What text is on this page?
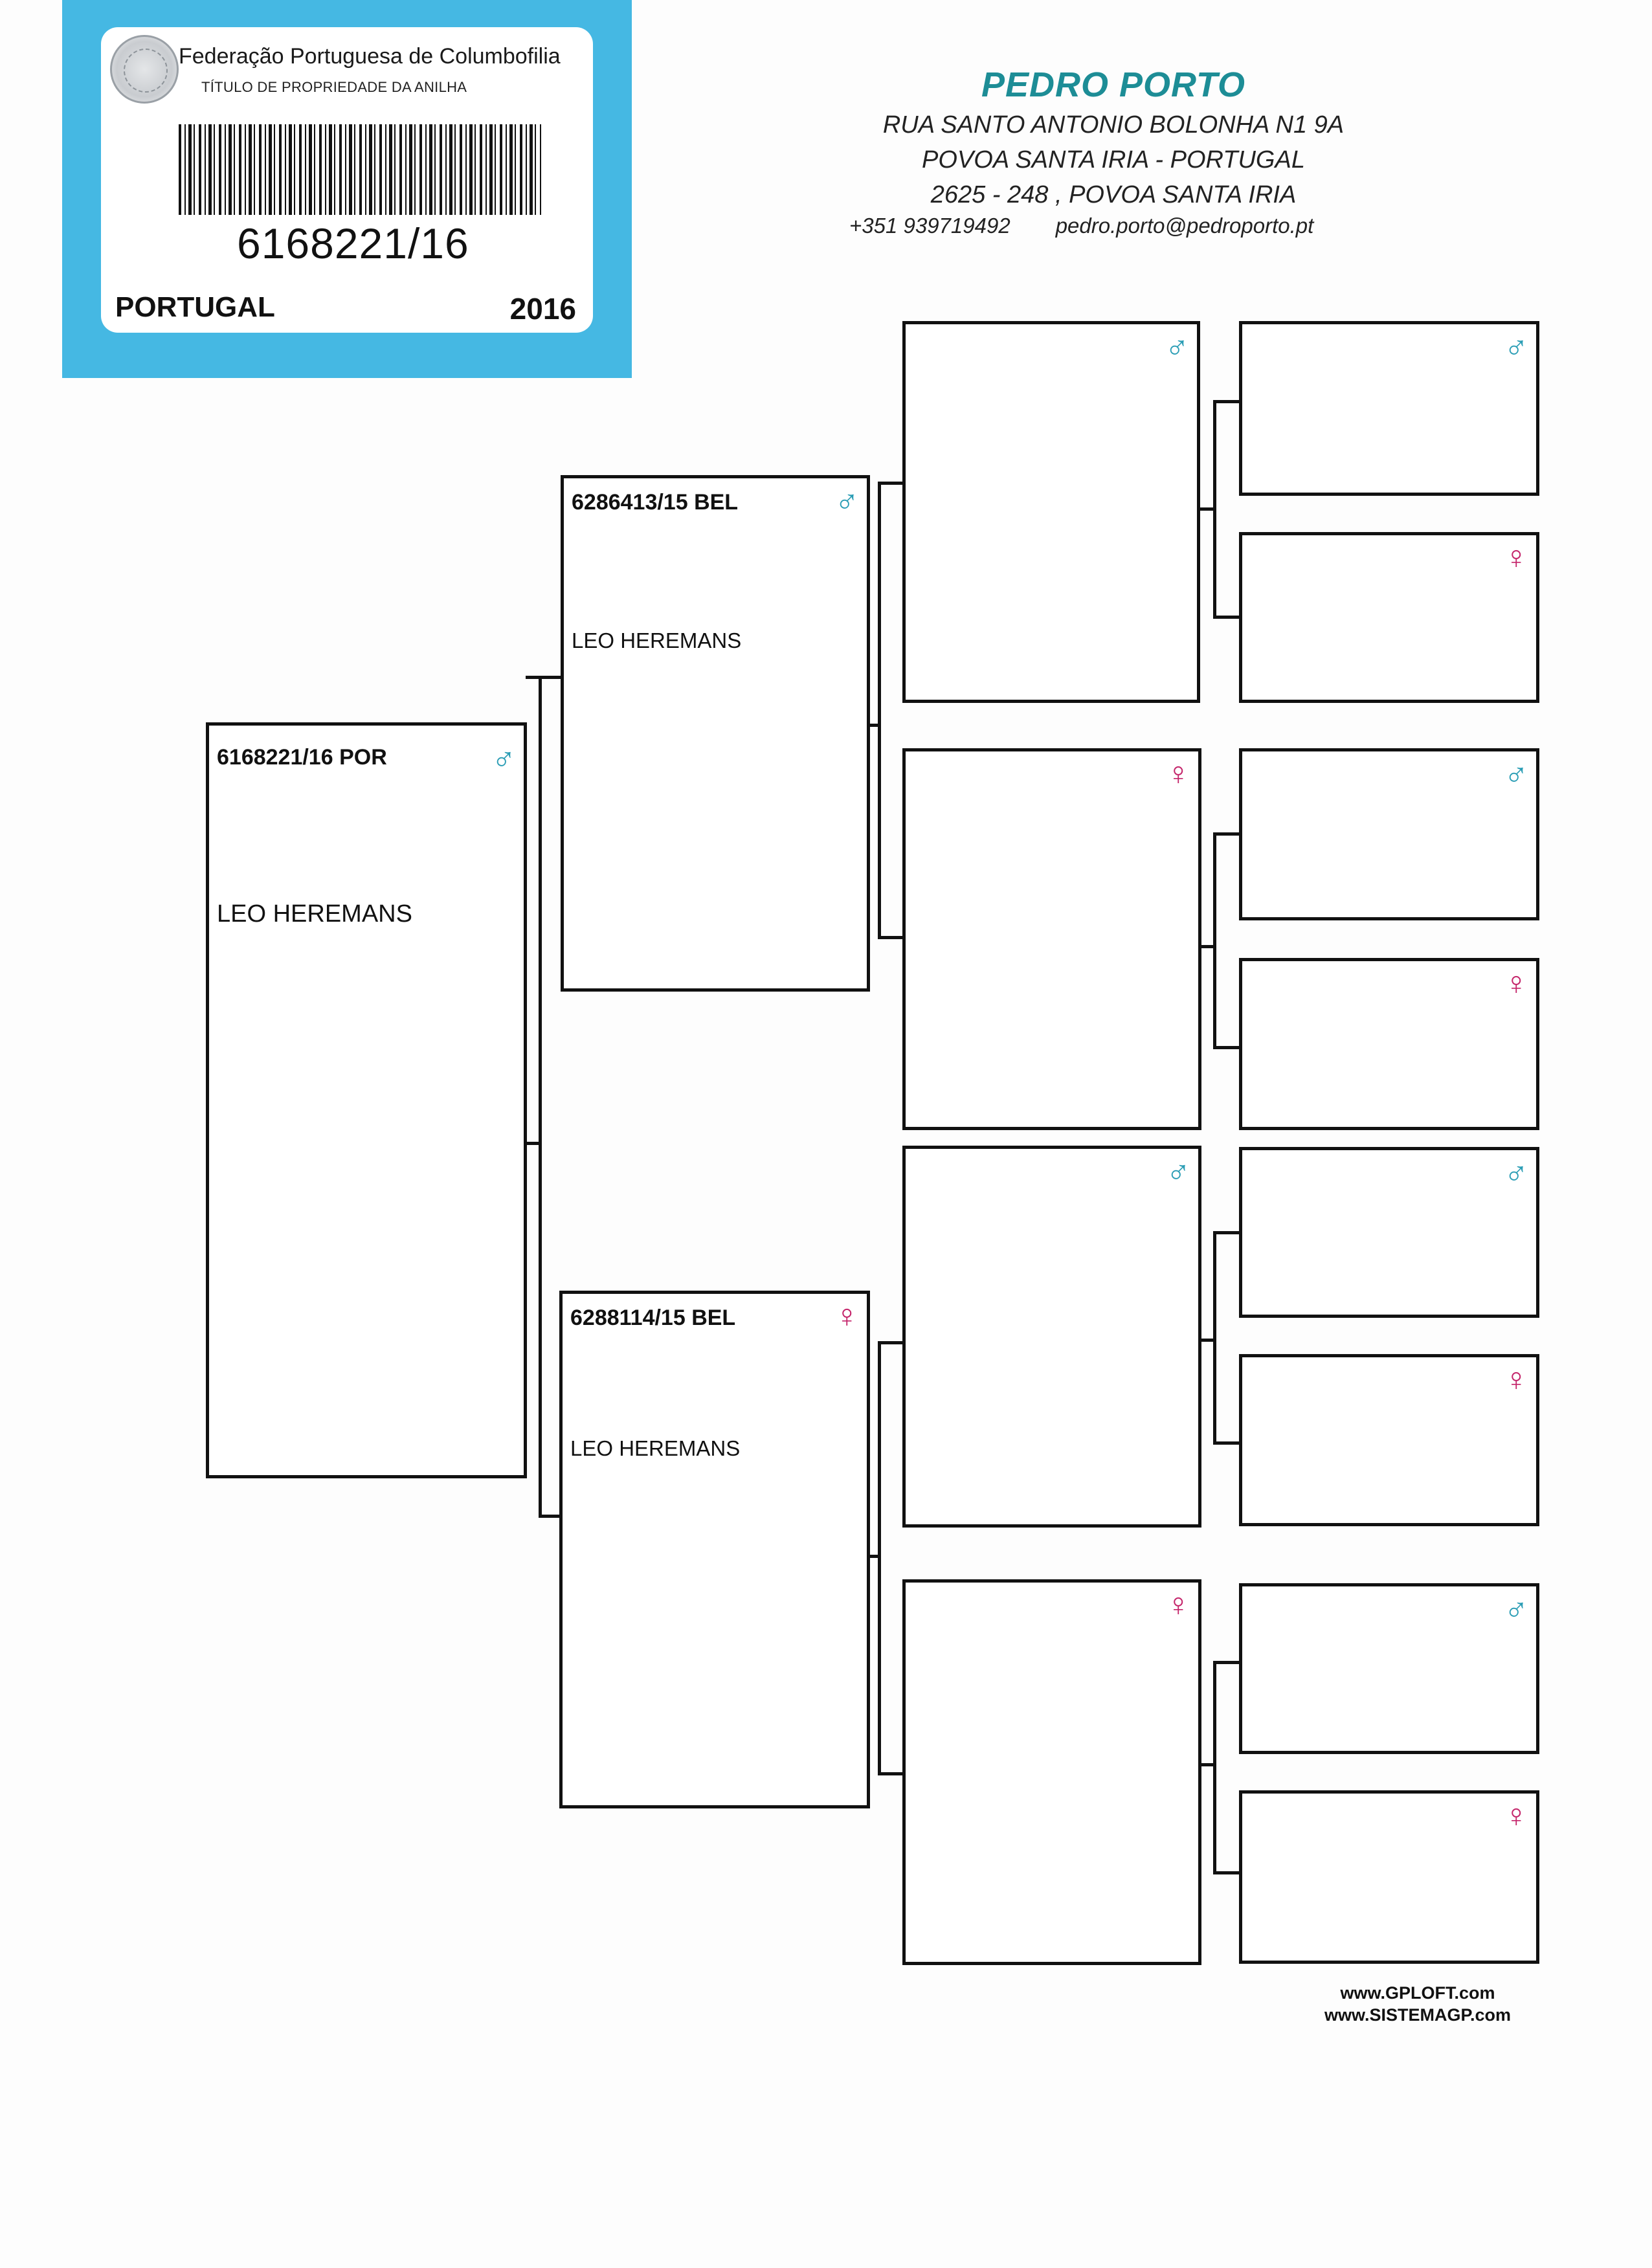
Federação Portuguesa de Columbofilia
TÍTULO DE PROPRIEDADE DA ANILHA
6168221/16
PORTUGAL	2016
PEDRO PORTO
RUA SANTO ANTONIO BOLONHA N1 9A
POVOA SANTA IRIA - PORTUGAL
2625 - 248 , POVOA SANTA IRIA
+351 939719492 pedro.porto@pedroporto.pt
6168221/16 POR	♂
LEO HEREMANS
6286413/15 BEL	♂
LEO HEREMANS
6288114/15 BEL	♀
LEO HEREMANS
♂
♀
♂
♀
♂
♀
♂
♀
♂
♀
♂
♀
www.GPLOFT.com
www.SISTEMAGP.com
